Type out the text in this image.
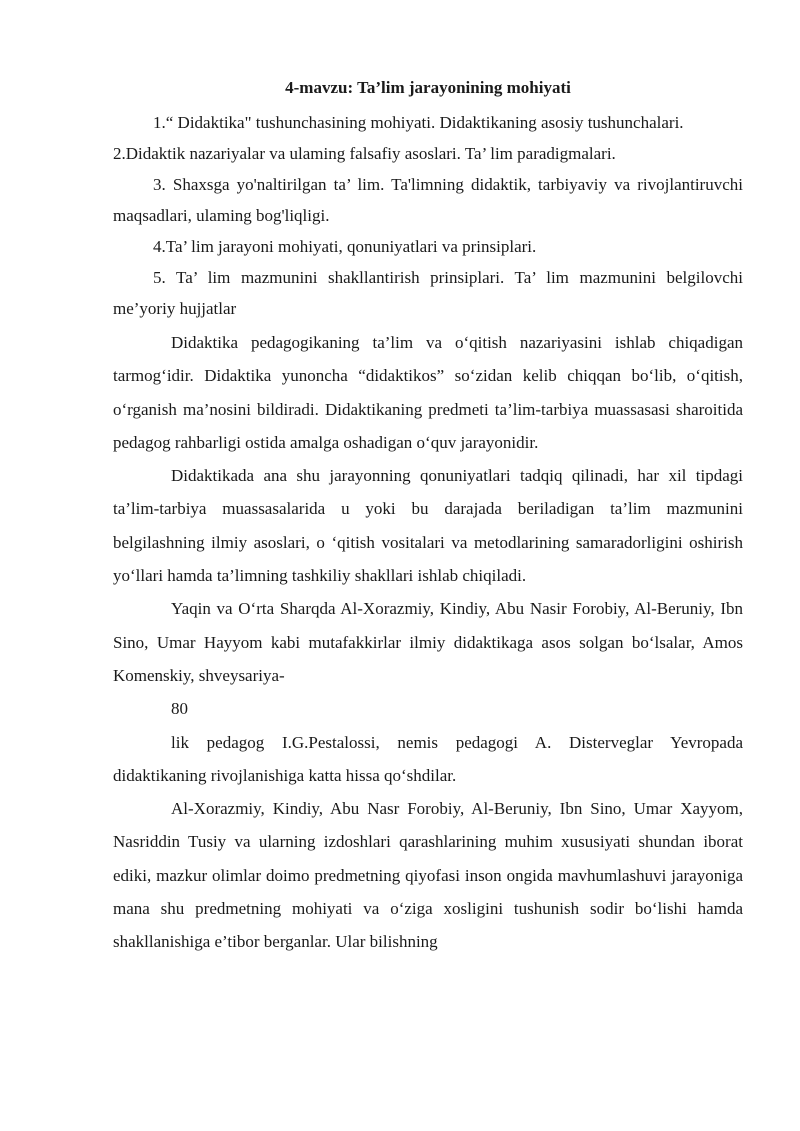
4-mavzu: Ta’lim jarayonining mohiyati

1.“ Didaktika" tushunchasining mohiyati. Didaktikaning asosiy tushunchalari.

2.Didaktik nazariyalar va ulaming falsafiy asoslari. Ta’ lim paradigmalari.

3. Shaxsga yo'naltirilgan ta’ lim. Ta'limning didaktik, tarbiyaviy va rivojlantiruvchi maqsadlari, ulaming bog'liqligi.

4.Ta’ lim jarayoni mohiyati, qonuniyatlari va prinsiplari.

5. Ta’ lim mazmunini shakllantirish prinsiplari. Ta’ lim mazmunini belgilovchi me’yoriy hujjatlar

Didaktika pedagogikaning ta’lim va o‘qitish nazariyasini ishlab chiqadigan tarmog‘idir. Didaktika yunoncha “didaktikos” so‘zidan kelib chiqqan bo‘lib, o‘qitish, o‘rganish ma’nosini bildiradi. Didaktikaning predmeti ta’lim-tarbiya muassasasi sharoitida pedagog rahbarligi ostida amalga oshadigan o‘quv jarayonidir.

Didaktikada ana shu jarayonning qonuniyatlari tadqiq qilinadi, har xil tipdagi ta’lim-tarbiya muassasalarida u yoki bu darajada beriladigan ta’lim mazmunini belgilashning ilmiy asoslari, o ‘qitish vositalari va metodlarining samaradorligini oshirish yo‘llari hamda ta’limning tashkiliy shakllari ishlab chiqiladi.

Yaqin va O‘rta Sharqda Al-Xorazmiy, Kindiy, Abu Nasir Forobiy, Al-Beruniy, Ibn Sino, Umar Hayyom kabi mutafakkirlar ilmiy didaktikaga asos solgan bo‘lsalar, Amos Komenskiy, shveysariya-

80

lik pedagog I.G.Pestalossi, nemis pedagogi A. Disterveglar Yevropada didaktikaning rivojlanishiga katta hissa qo‘shdilar.

Al-Xorazmiy, Kindiy, Abu Nasr Forobiy, Al-Beruniy, Ibn Sino, Umar Xayyom, Nasriddin Tusiy va ularning izdoshlari qarashlarining muhim xususiyati shundan iborat ediki, mazkur olimlar doimo predmetning qiyofasi inson ongida mavhumlashuvi jarayoniga mana shu predmetning mohiyati va o‘ziga xosligini tushunish sodir bo‘lishi hamda shakllanishiga e’tibor berganlar. Ular bilishning
